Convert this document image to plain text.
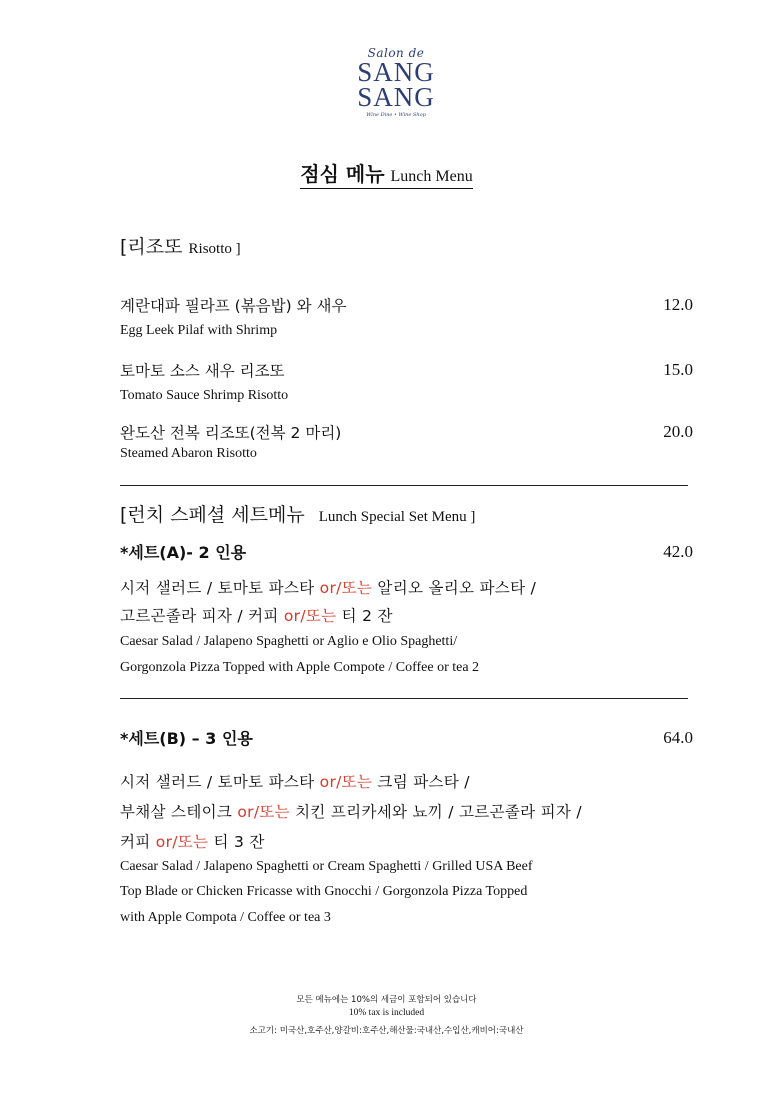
Salon de
SANG
SANG
Wine Dine • Wine Shop
점심 메뉴 Lunch Menu
[리조또 Risotto ]
계란대파 필라프 (볶음밥) 와 새우	12.0
Egg Leek Pilaf with Shrimp
토마토 소스 새우 리조또	15.0
Tomato Sauce Shrimp Risotto
완도산 전복 리조또(전복 2 마리)	20.0
Steamed Abaron Risotto
[런치 스페셜 세트메뉴 Lunch Special Set Menu ]
*세트(A)- 2 인용	42.0
시저 샐러드 / 토마토 파스타 or/또는 알리오 올리오 파스타 /
고르곤졸라 피자 / 커피 or/또는 티 2 잔
Caesar Salad / Jalapeno Spaghetti or Aglio e Olio Spaghetti/
Gorgonzola Pizza Topped with Apple Compote / Coffee or tea 2
*세트(B) – 3 인용	64.0
시저 샐러드 / 토마토 파스타 or/또는 크림 파스타 /
부채살 스테이크 or/또는 치킨 프리카세와 뇨끼 / 고르곤졸라 피자 /
커피 or/또는 티 3 잔
Caesar Salad / Jalapeno Spaghetti or Cream Spaghetti / Grilled USA Beef
Top Blade or Chicken Fricasse with Gnocchi / Gorgonzola Pizza Topped
with Apple Compota / Coffee or tea 3
모든 메뉴에는 10%의 세금이 포함되어 있습니다
10% tax is included
소고기: 미국산,호주산,양갈비:호주산,해산물:국내산,수입산,캐비어:국내산
